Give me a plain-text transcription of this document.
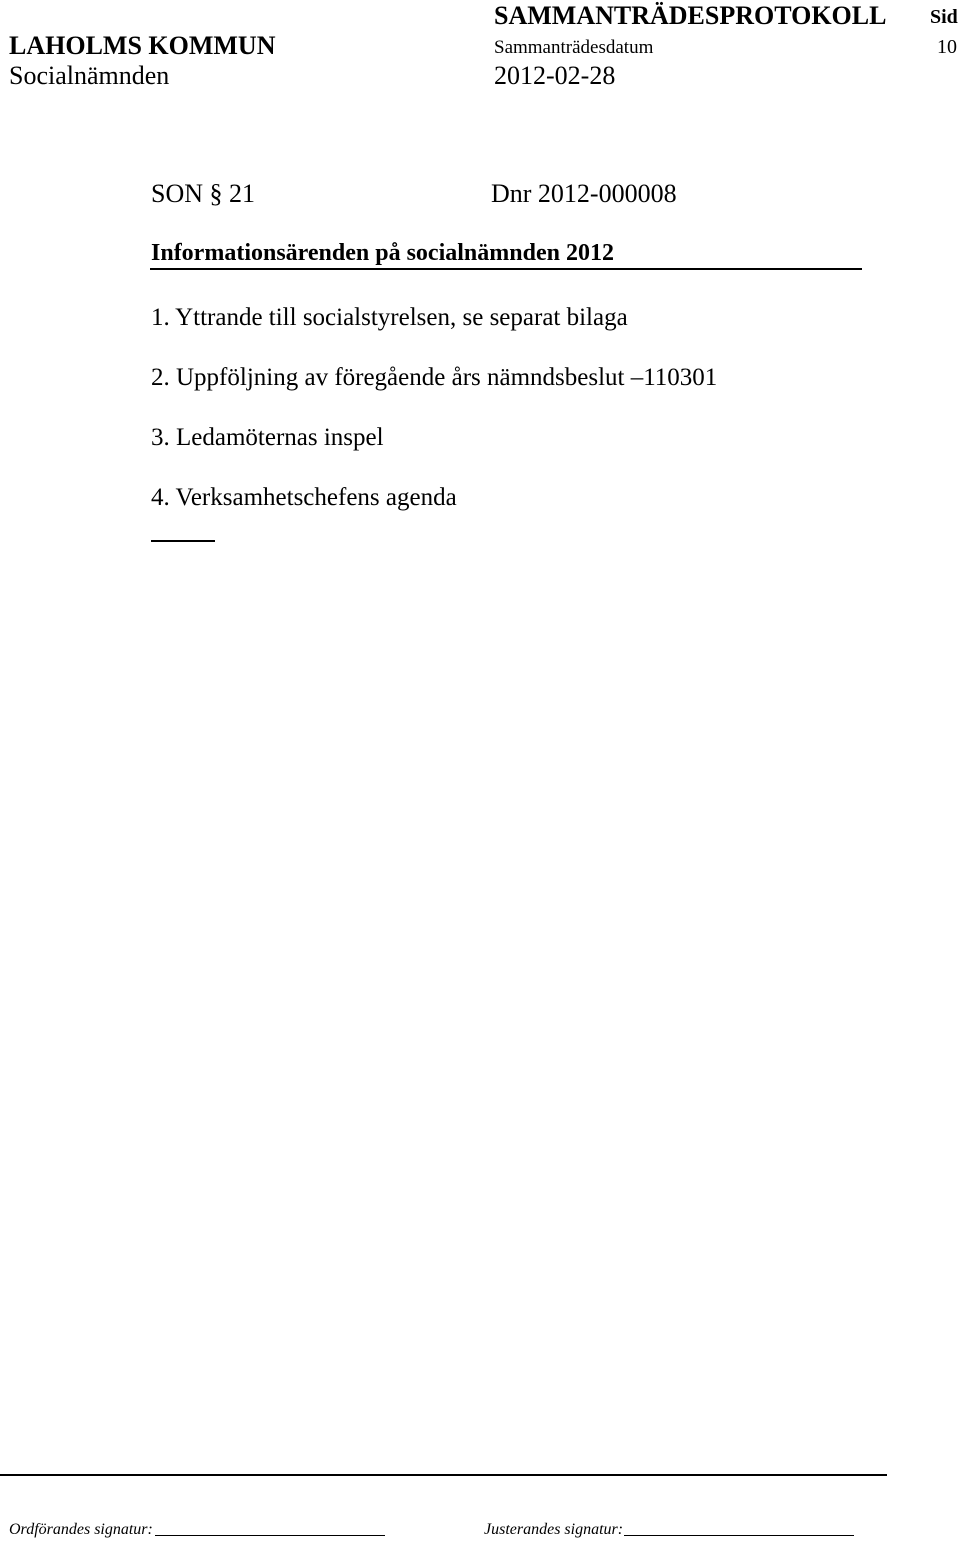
SAMMANTRÄDESPROTOKOLL Sid
LAHOLMS KOMMUN	Sammanträdesdatum	10
Socialnämnden	2012-02-28
SON § 21	Dnr 2012-000008
Informationsärenden på socialnämnden 2012
1. Yttrande till socialstyrelsen, se separat bilaga
2. Uppföljning av föregående års nämndsbeslut –110301
3. Ledamöternas inspel
4. Verksamhetschefens agenda
Ordförandes signatur:	Justerandes signatur:
